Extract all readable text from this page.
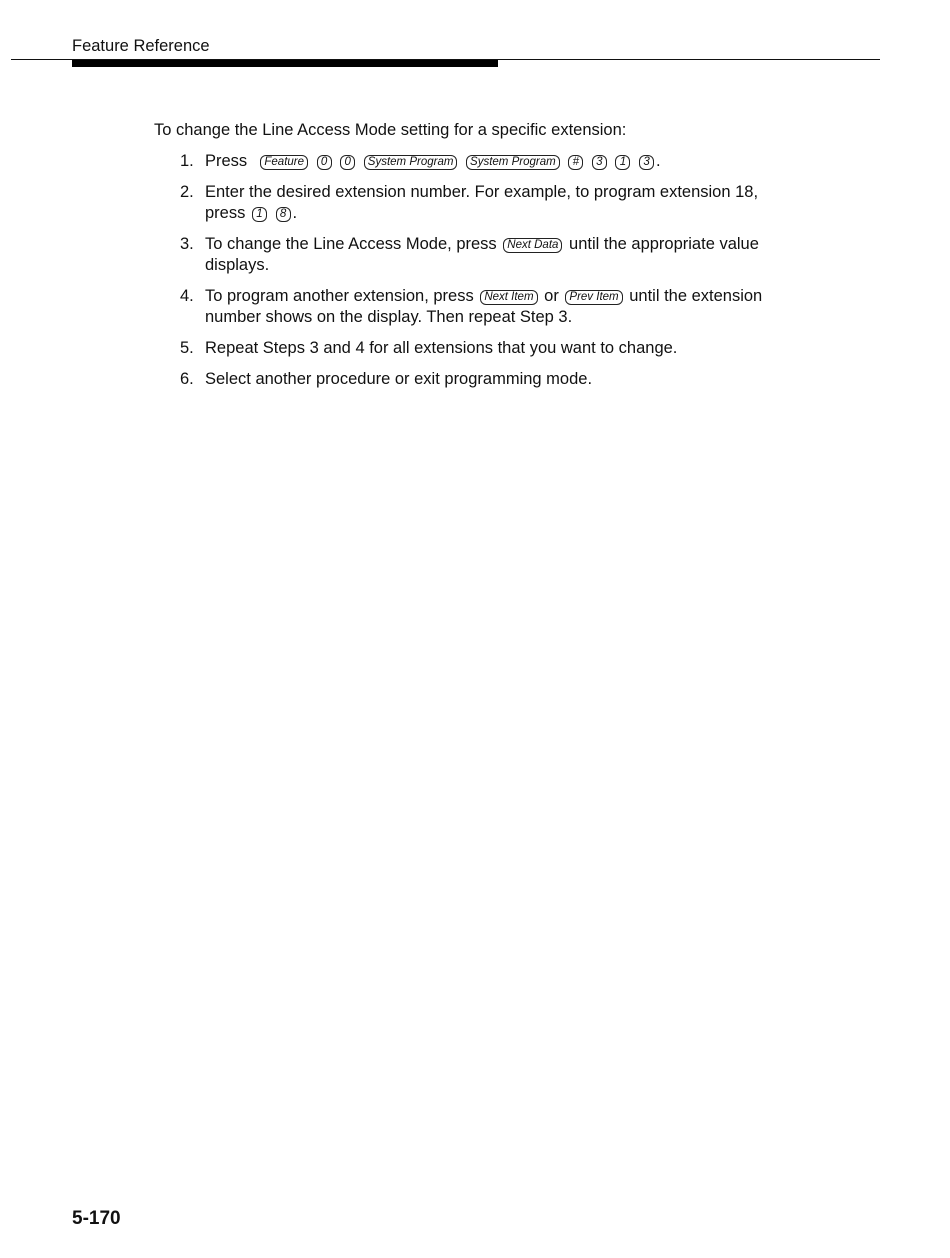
Feature Reference
To change the Line Access Mode setting for a specific extension:
1. Press Feature 0 0 System Program System Program # 3 1 3 .
2. Enter the desired extension number. For example, to program extension 18, press 1 8 .
3. To change the Line Access Mode, press Next Data until the appropriate value displays.
4. To program another extension, press Next Item or Prev Item until the extension number shows on the display. Then repeat Step 3.
5. Repeat Steps 3 and 4 for all extensions that you want to change.
6. Select another procedure or exit programming mode.
5-170
